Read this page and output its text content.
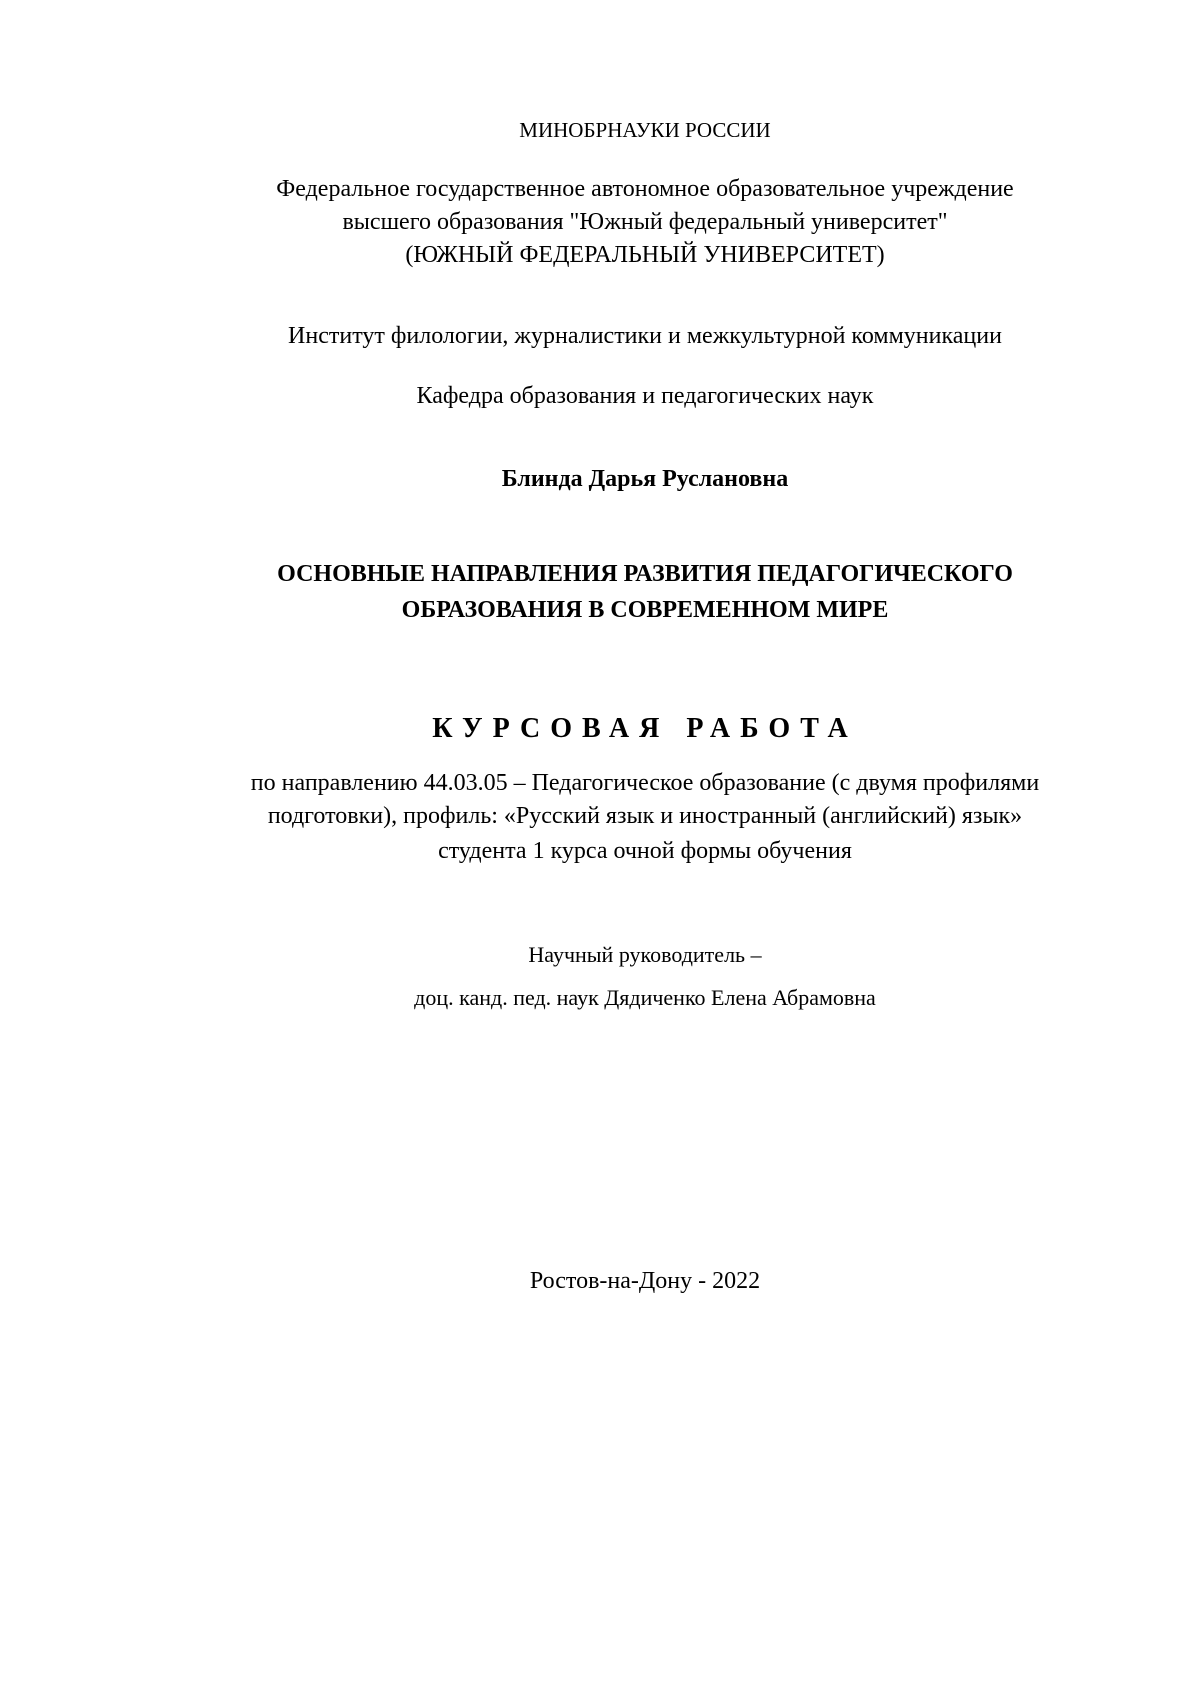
МИНОБРНАУКИ РОССИИ
Федеральное государственное автономное образовательное учреждение
высшего образования "Южный федеральный университет"
(ЮЖНЫЙ ФЕДЕРАЛЬНЫЙ УНИВЕРСИТЕТ)
Институт филологии, журналистики и межкультурной коммуникации
Кафедра образования и педагогических наук
Блинда Дарья Руслановна
ОСНОВНЫЕ НАПРАВЛЕНИЯ РАЗВИТИЯ ПЕДАГОГИЧЕСКОГО
ОБРАЗОВАНИЯ В СОВРЕМЕННОМ МИРЕ
КУРСОВАЯ РАБОТА
по направлению 44.03.05 – Педагогическое образование (с двумя профилями
подготовки), профиль: «Русский язык и иностранный (английский) язык»
студента 1 курса очной формы обучения
Научный руководитель –
доц. канд. пед. наук Дядиченко Елена Абрамовна
Ростов-на-Дону - 2022
